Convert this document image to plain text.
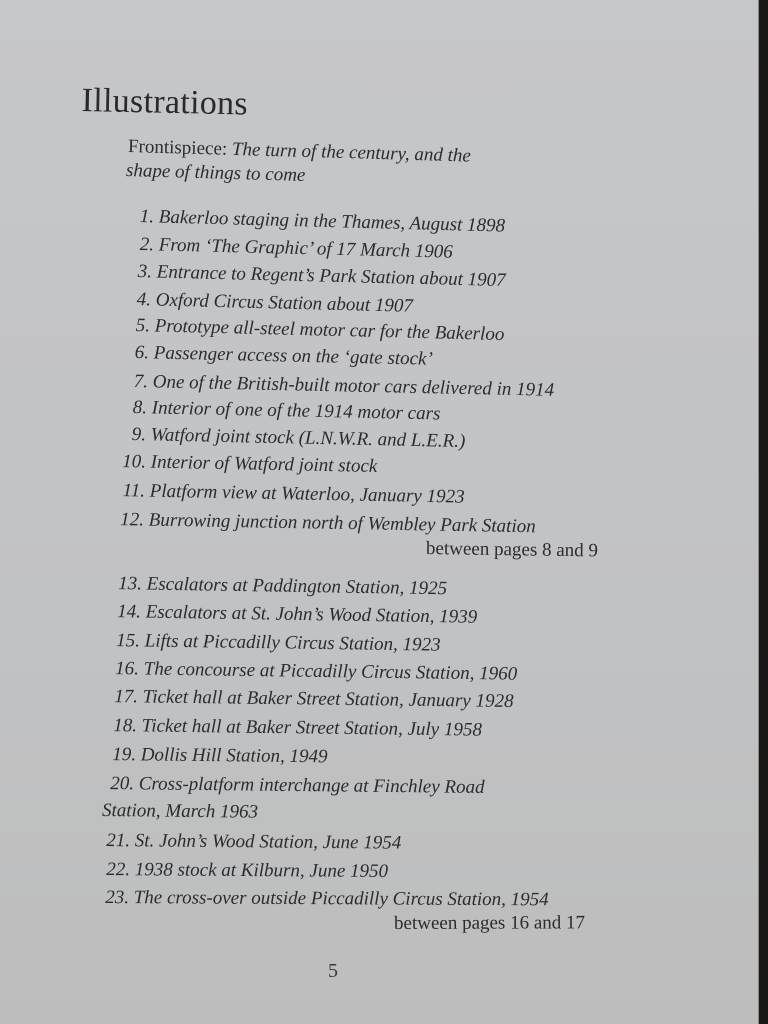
Illustrations
Frontispiece: The turn of the century, and the
shape of things to come
1. Bakerloo staging in the Thames, August 1898
2. From ‘The Graphic’ of 17 March 1906
3. Entrance to Regent’s Park Station about 1907
4. Oxford Circus Station about 1907
5. Prototype all-steel motor car for the Bakerloo
6. Passenger access on the ‘gate stock’
7. One of the British-built motor cars delivered in 1914
8. Interior of one of the 1914 motor cars
9. Watford joint stock (L.N.W.R. and L.E.R.)
10. Interior of Watford joint stock
11. Platform view at Waterloo, January 1923
12. Burrowing junction north of Wembley Park Station
between pages 8 and 9
13. Escalators at Paddington Station, 1925
14. Escalators at St. John’s Wood Station, 1939
15. Lifts at Piccadilly Circus Station, 1923
16. The concourse at Piccadilly Circus Station, 1960
17. Ticket hall at Baker Street Station, January 1928
18. Ticket hall at Baker Street Station, July 1958
19. Dollis Hill Station, 1949
20. Cross-platform interchange at Finchley Road
Station, March 1963
21. St. John’s Wood Station, June 1954
22. 1938 stock at Kilburn, June 1950
23. The cross-over outside Piccadilly Circus Station, 1954
between pages 16 and 17
5
